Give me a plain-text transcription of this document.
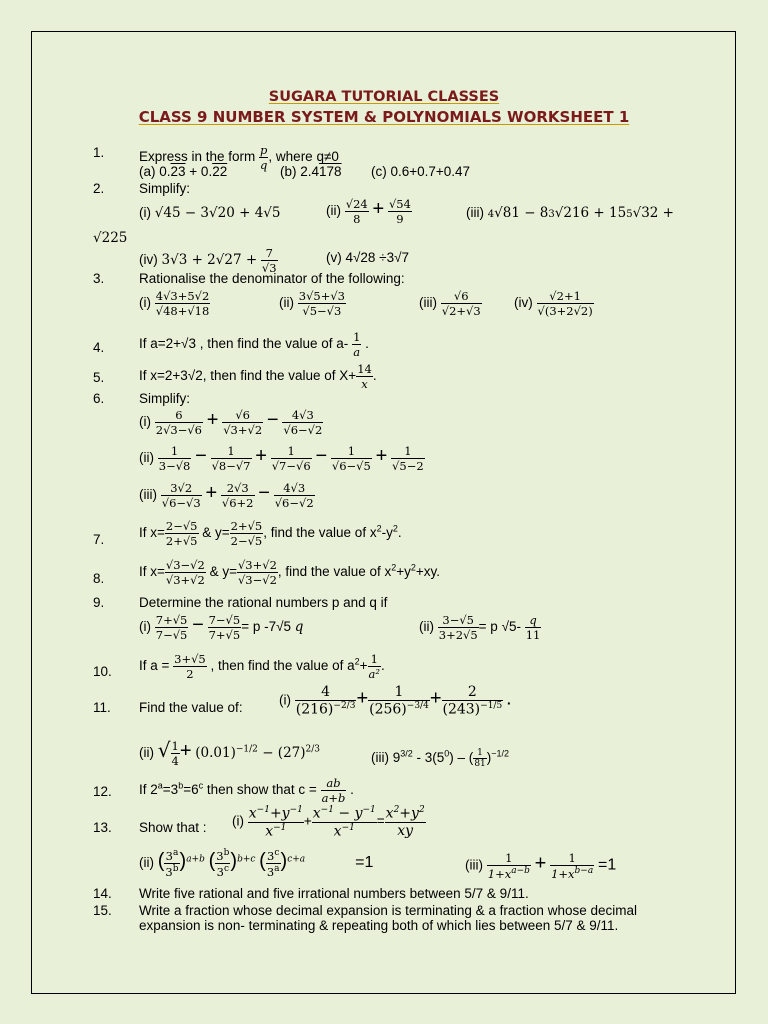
SUGARA TUTORIAL CLASSES
CLASS 9 NUMBER SYSTEM & POLYNOMIALS WORKSHEET 1
1.	Express in the form $\frac{p}{q}$ , where q≠0
(a) 0.23 + 0.22	(b) 2.4178 (c) 0.6+0.7+0.47
2.	Simplify:
(i) √45 − 3√20 + 4√5	$(ii) \frac{√24}{8} + \frac{√54}{9}$	(iii) 4√81 − 83√216 + 155√32 +
√225
(iv) $3√3 + 2√27 + \frac{7}{√3}$	(v) 4√28 ÷3√7
3.	Rationalise the denominator of the following:
$(i) \frac{4√3+5√2}{√48+√18}$	$(ii) \frac{3√5+√3}{√5-√3}$	$(iii) \frac{√6}{√2+√3} (iv) \frac{√2+1}{√(3+2√2)}$
4.	If a=2+√3 , then find the value of $a- \frac{1}{a}$ .
5.	If x=2+3√2, then find the value of $X+ \frac{14}{x}$ .
6.	Simplify:
$(i) \frac{6}{2√3-√6} + \frac{√6}{√3+√2} - \frac{4√3}{√6-√2}$
$(ii) \frac{1}{3-√8} - \frac{1}{√8-√7} + \frac{1}{√7-√6} - \frac{1}{√6-√5} + \frac{1}{√5-2}$
$(iii) \frac{3√2}{√6-√3} + \frac{2√3}{√6+2} - \frac{4√3}{√6-√2}$
7.	If $x= \frac{2-√5}{2+√5}$ & $y= \frac{2+√5}{2-√5}$ , find the value of $x^2-y^2$.
8.	If $x= \frac{√3-√2}{√3+√2}$ & $y= \frac{√3+√2}{√3-√2}$ , find the value of $x^2+y^2+xy$.
9.	Determine the rational numbers p and q if
$(i) \frac{7+√5}{7-√5} - \frac{7-√5}{7+√5} = p$ -7√5 q	$(ii) \frac{3-√5}{3+2√5} = p$ $√5- \frac{q}{11}$
10. If $a = \frac{3+√5}{2}$ , then find the value of $a^2+ \frac{1}{\text{a²}}$ .
11. Find the value of:
$(i) \frac{4}{(216)^{-2/3}} + \frac{1}{(256)^{-3/4}} + \frac{2}{(243)^{-1/5}}$ .
(ii) √ $\frac{1}{4} + (0.01)^{-1/2} - (27)^{2/3}$
(iii) $9^{3/2} - 3(5^0)$ – ( $\frac{1}{81} )^{-1/2}$
12. If $2^a=3^b=6^c$ then show that $c = \frac{ab}{a+b}$ .
13. Show that : $(i) \frac{x^{-1}+y^{-1}}{x^{-1}} + \frac{x^{-1} - y^{-1}}{x^{-1}} = \frac{x^2+y^2}{xy}$
(ii) ( $\frac{3^a}{3^b} )^{a+b}$ ( $\frac{3^b}{3^c} )^{b+c}$ ( $\frac{3^c}{3^a} )^{c+a}$	=1	$(iii) \frac{1}{1+x^{a-b}} + \frac{1}{1+x^{b-a}} =1$
14. Write five rational and five irrational numbers between 5/7 & 9/11.
15. Write a fraction whose decimal expansion is terminating & a fraction whose decimal
expansion is non- terminating & repeating both of which lies between 5/7 & 9/11.
